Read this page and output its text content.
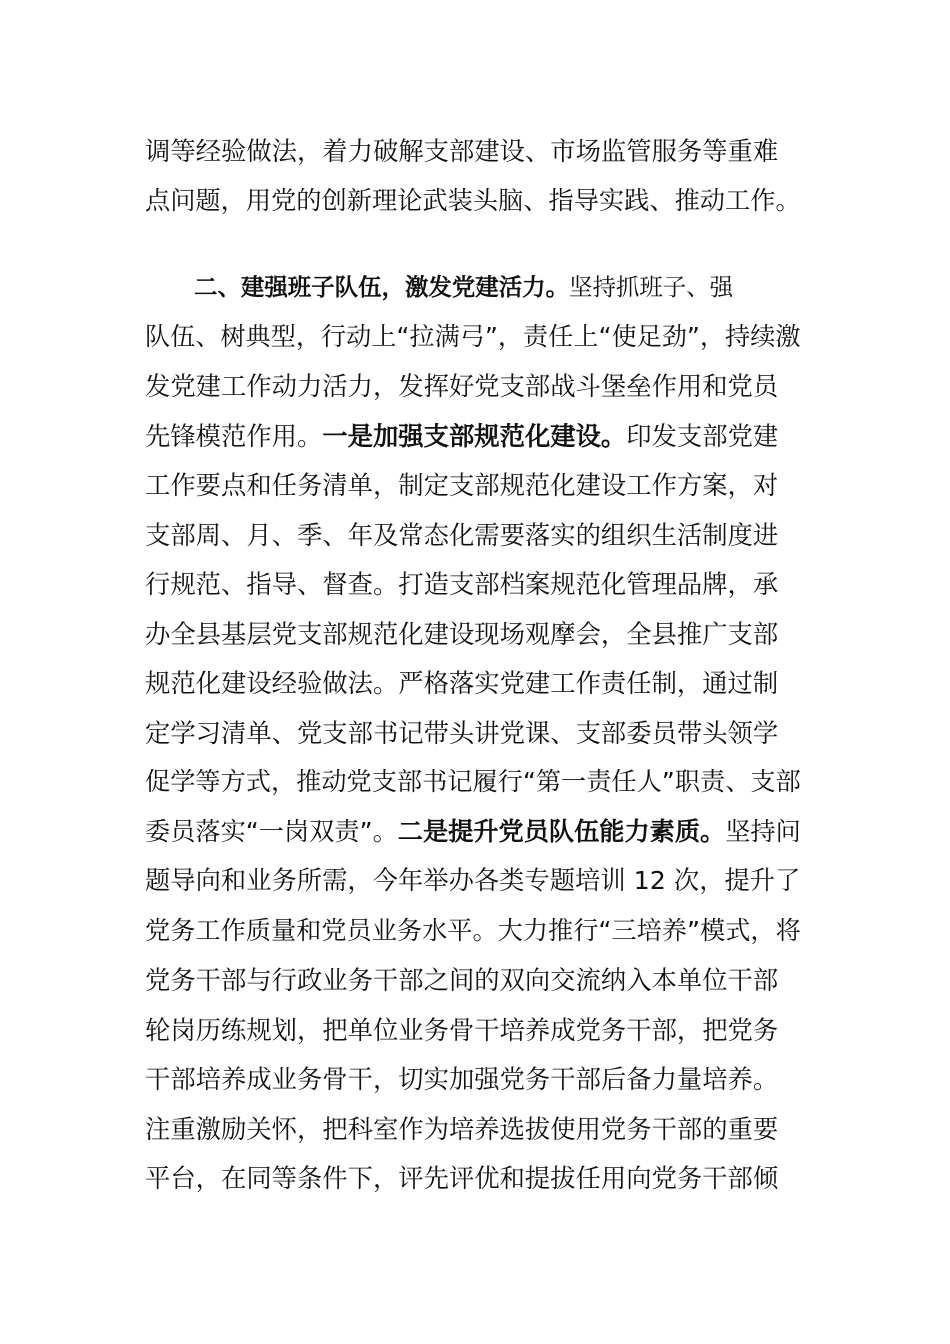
调等经验做法，着力破解支部建设、市场监管服务等重难
点问题，用党的创新理论武装头脑、指导实践、推动工作。
二、建强班子队伍，激发党建活力。坚持抓班子、强
队伍、树典型，行动上“拉满弓”，责任上“使足劲”，持续激
发党建工作动力活力，发挥好党支部战斗堡垒作用和党员
先锋模范作用。一是加强支部规范化建设。印发支部党建
工作要点和任务清单，制定支部规范化建设工作方案，对
支部周、月、季、年及常态化需要落实的组织生活制度进
行规范、指导、督查。打造支部档案规范化管理品牌，承
办全县基层党支部规范化建设现场观摩会，全县推广支部
规范化建设经验做法。严格落实党建工作责任制，通过制
定学习清单、党支部书记带头讲党课、支部委员带头领学
促学等方式，推动党支部书记履行“第一责任人”职责、支部
委员落实“一岗双责”。二是提升党员队伍能力素质。坚持问
题导向和业务所需，今年举办各类专题培训 12 次，提升了
党务工作质量和党员业务水平。大力推行“三培养”模式，将
党务干部与行政业务干部之间的双向交流纳入本单位干部
轮岗历练规划，把单位业务骨干培养成党务干部，把党务
干部培养成业务骨干，切实加强党务干部后备力量培养。
注重激励关怀，把科室作为培养选拔使用党务干部的重要
平台，在同等条件下，评先评优和提拔任用向党务干部倾
